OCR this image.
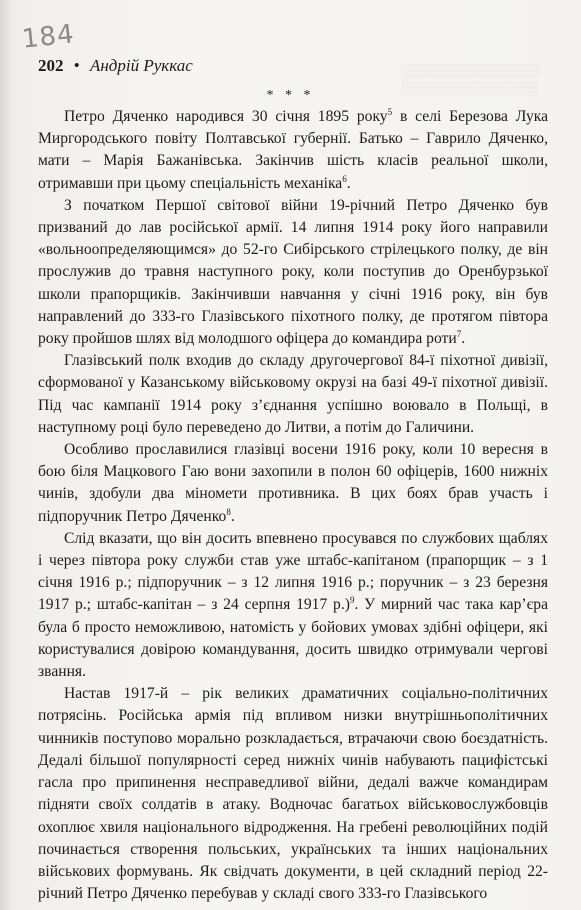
184
202 • Андрій Руккас	▒▒▒▒▒▒▒▒▒▒▒▒▒▒▒
▒▒▒▒▒▒▒▒▒▒▒▒▒▒▒
* * *

Петро Дяченко народився 30 січня 1895 року$^5$ в селі Березова Лука Миргородського повіту Полтавської губернії. Батько – Гаврило Дяченко, мати – Марія Бажанівська. Закінчив шість класів реальної школи, отримавши при цьому спеціальність механіка$^6$.

З початком Першої світової війни 19-річний Петро Дяченко був призваний до лав російської армії. 14 липня 1914 року його направили «вольноопределяющимся» до 52-го Сибірського стрілецького полку, де він прослужив до травня наступного року, коли поступив до Оренбурзької школи прапорщиків. Закінчивши навчання у січні 1916 року, він був направлений до 333-го Глазівського піхотного полку, де протягом півтора року пройшов шлях від молодшого офіцера до командира роти$^7$.

Глазівський полк входив до складу другочергової 84-ї піхотної дивізії, сформованої у Казанському військовому окрузі на базі 49-ї піхотної дивізії. Під час кампанії 1914 року з’єднання успішно воювало в Польщі, в наступному році було переведено до Литви, а потім до Галичини.

Особливо прославилися глазівці восени 1916 року, коли 10 вересня в бою біля Мацкового Гаю вони захопили в полон 60 офіцерів, 1600 нижніх чинів, здобули два міномети противника. В цих боях брав участь і підпоручник Петро Дяченко$^8$.

Слід вказати, що він досить впевнено просувався по службових щаблях і через півтора року служби став уже штабс-капітаном (прапорщик – з 1 січня 1916 р.; підпоручник – з 12 липня 1916 р.; поручник – з 23 березня 1917 р.; штабс-капітан – з 24 серпня 1917 р.)$^9$. У мирний час така кар’єра була б просто неможливою, натомість у бойових умовах здібні офіцери, які користувалися довірою командування, досить швидко отримували чергові звання.

Настав 1917-й – рік великих драматичних соціально-політичних потрясінь. Російська армія під впливом низки внутрішньополітичних чинників поступово морально розкладається, втрачаючи свою боєздатність. Дедалі більшої популярності серед нижніх чинів набувають пацифістські гасла про припинення несправедливої війни, дедалі важче командирам підняти своїх солдатів в атаку. Водночас багатьох військовослужбовців охоплює хвиля національного відродження. На гребені революційних подій починається створення польських, українських та інших національних військових формувань. Як свідчать документи, в цей складний період 22-річний Петро Дяченко перебував у складі свого 333-го Глазівського
